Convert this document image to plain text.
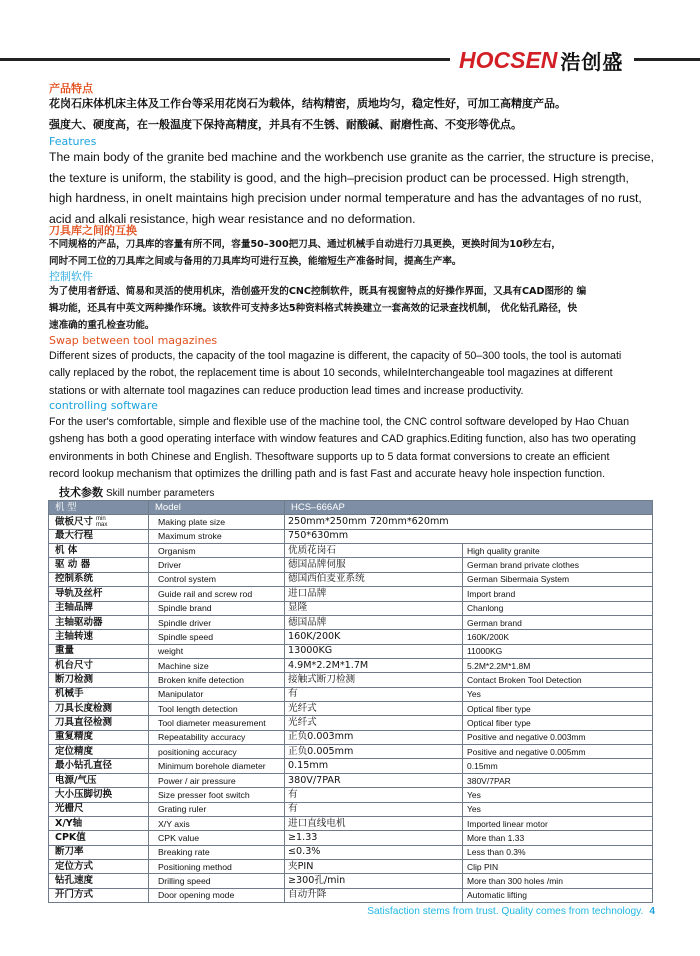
HOCSEN 浩创盛
产品特点
花岗石床体机床主体及工作台等采用花岗石为载体，结构精密，质地均匀，稳定性好，可加工高精度产品。
强度大、硬度高，在一般温度下保持高精度，并具有不生锈、耐酸碱、耐磨性高、不变形等优点。
Features
The main body of the granite bed machine and the workbench use granite as the carrier, the structure is precise,
the texture is uniform, the stability is good, and the high–precision product can be processed. High strength,
high hardness, in oneIt maintains high precision under normal temperature and has the advantages of no rust,
acid and alkali resistance, high wear resistance and no deformation.
刀具库之间的互换
不同规格的产品，刀具库的容量有所不同，容量50–300把刀具、通过机械手自动进行刀具更换，更换时间为10秒左右，
同时不同工位的刀具库之间或与备用的刀具库均可进行互换，能缩短生产准备时间，提高生产率。
控制软件
为了使用者舒适、简易和灵活的使用机床，浩创盛开发的CNC控制软件，既具有视窗特点的好操作界面，又具有CAD图形的 编
辑功能，还具有中英文两种操作环境。该软件可支持多达5种资料格式转换建立一套高效的记录查找机制， 优化钻孔路径，快
速准确的重孔检查功能。
Swap between tool magazines
Different sizes of products, the capacity of the tool magazine is different, the capacity of 50–300 tools, the tool is automati
cally replaced by the robot, the replacement time is about 10 seconds, whileInterchangeable tool magazines at different
stations or with alternate tool magazines can reduce production lead times and increase productivity.
controlling software
For the user's comfortable, simple and flexible use of the machine tool, the CNC control software developed by Hao Chuan
gsheng has both a good operating interface with window features and CAD graphics.Editing function, also has two operating
environments in both Chinese and English. Thesoftware supports up to 5 data format conversions to create an efficient
record lookup mechanism that optimizes the drilling path and is fast Fast and accurate heavy hole inspection function.
技术参数 Skill number parameters
机 型	Model	HCS–666AP	
做板尺寸 min
max	Making plate size	250mm*250mm 720mm*620mm	
最大行程	Maximum stroke	750*630mm	
机 体	Organism	优质花岗石	High quality granite
驱 动 器	Driver	德国品牌伺服	German brand private clothes
控制系统	Control system	德国西伯麦亚系统	German Sibermaia System
导轨及丝杆	Guide rail and screw rod	进口品牌	Import brand
主轴品牌	Spindle brand	显隆	Chanlong
主轴驱动器	Spindle driver	德国品牌	German brand
主轴转速	Spindle speed	160K/200K	160K/200K
重量	weight	13000KG	11000KG
机台尺寸	Machine size	4.9M*2.2M*1.7M	5.2M*2.2M*1.8M
断刀检测	Broken knife detection	接触式断刀检测	Contact Broken Tool Detection
机械手	Manipulator	有	Yes
刀具长度检测	Tool length detection	光纤式	Optical fiber type
刀具直径检测	Tool diameter measurement	光纤式	Optical fiber type
重复精度	Repeatability accuracy	正负0.003mm	Positive and negative 0.003mm
定位精度	positioning accuracy	正负0.005mm	Positive and negative 0.005mm
最小钻孔直径	Minimum borehole diameter	0.15mm	0.15mm
电源/气压	Power / air pressure	380V/7PAR	380V/7PAR
大小压脚切换	Size presser foot switch	有	Yes
光栅尺	Grating ruler	有	Yes
X/Y轴	X/Y axis	进口直线电机	Imported linear motor
CPK值	CPK value	≥1.33	More than 1.33
断刀率	Breaking rate	≤0.3%	Less than 0.3%
定位方式	Positioning method	夹PIN	Clip PIN
钻孔速度	Drilling speed	≥300孔/min	More than 300 holes /min
开门方式	Door opening mode	自动升降	Automatic lifting
Satisfaction stems from trust. Quality comes from technology. 4
